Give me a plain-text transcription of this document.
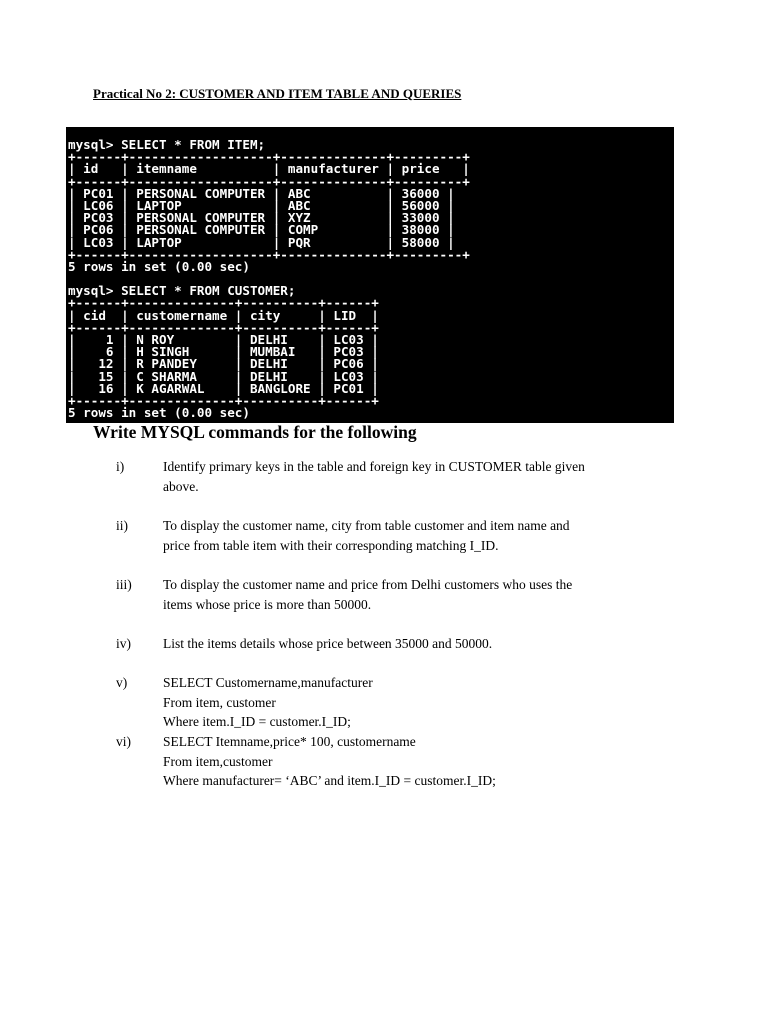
Practical No 2: CUSTOMER AND ITEM TABLE AND QUERIES
mysql> SELECT * FROM ITEM;
+------+-------------------+--------------+---------+
| id   | itemname          | manufacturer | price   |
+------+-------------------+--------------+---------+
| PC01 | PERSONAL COMPUTER | ABC          | 36000 |
| LC06 | LAPTOP            | ABC          | 56000 |
| PC03 | PERSONAL COMPUTER | XYZ          | 33000 |
| PC06 | PERSONAL COMPUTER | COMP         | 38000 |
| LC03 | LAPTOP            | PQR          | 58000 |
+------+-------------------+--------------+---------+
5 rows in set (0.00 sec)

mysql> SELECT * FROM CUSTOMER;
+------+--------------+----------+------+
| cid  | customername | city     | LID  |
+------+--------------+----------+------+
|    1 | N ROY        | DELHI    | LC03 |
|    6 | H SINGH      | MUMBAI   | PC03 |
|   12 | R PANDEY     | DELHI    | PC06 |
|   15 | C SHARMA     | DELHI    | LC03 |
|   16 | K AGARWAL    | BANGLORE | PC01 |
+------+--------------+----------+------+
5 rows in set (0.00 sec)
Write MYSQL commands for the following
i)	Identify primary keys in the table and foreign key in CUSTOMER table given
above.
ii)	To display the customer name, city from table customer and item name and
price from table item with their corresponding matching I_ID.
iii) To display the customer name and price from Delhi customers who uses the
items whose price is more than 50000.
iv) List the items details whose price between 35000 and 50000.
v)	SELECT Customername,manufacturer
From item, customer
Where item.I_ID = customer.I_ID;
vi) SELECT Itemname,price* 100, customername
From item,customer
Where manufacturer= ‘ABC’ and item.I_ID = customer.I_ID;
